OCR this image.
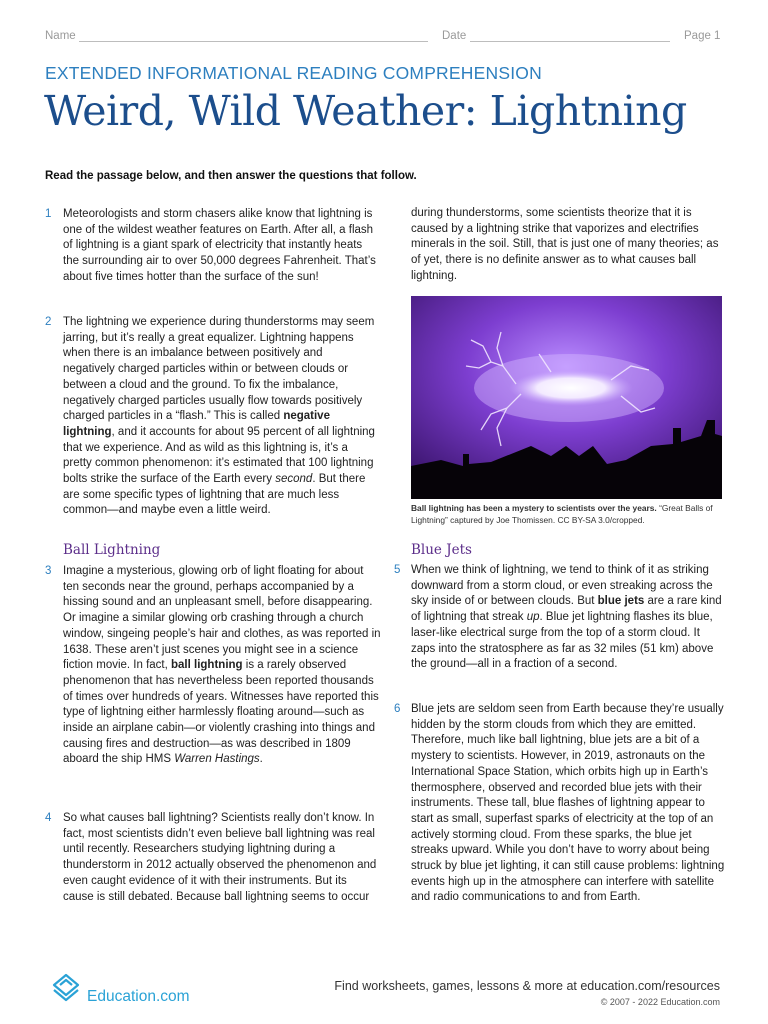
Name	Date	Page 1
EXTENDED INFORMATIONAL READING COMPREHENSION
Weird, Wild Weather: Lightning
Read the passage below, and then answer the questions that follow.
1 Meteorologists and storm chasers alike know that lightning is one of the wildest weather features on Earth. After all, a flash of lightning is a giant spark of electricity that instantly heats the surrounding air to over 50,000 degrees Fahrenheit. That’s about five times hotter than the surface of the sun!
2 The lightning we experience during thunderstorms may seem jarring, but it’s really a great equalizer. Lightning happens when there is an imbalance between positively and negatively charged particles within or between clouds or between a cloud and the ground. To fix the imbalance, negatively charged particles usually flow towards positively charged particles in a “flash.” This is called negative lightning, and it accounts for about 95 percent of all lightning that we experience. And as wild as this lightning is, it’s a pretty common phenomenon: it’s estimated that 100 lightning bolts strike the surface of the Earth every second. But there are some specific types of lightning that are much less common—and maybe even a little weird.
Ball Lightning
3 Imagine a mysterious, glowing orb of light floating for about ten seconds near the ground, perhaps accompanied by a hissing sound and an unpleasant smell, before disappearing. Or imagine a similar glowing orb crashing through a church window, singeing people’s hair and clothes, as was reported in 1638. These aren’t just scenes you might see in a science fiction movie. In fact, ball lightning is a rarely observed phenomenon that has nevertheless been reported thousands of times over hundreds of years. Witnesses have reported this type of lightning either harmlessly floating around—such as inside an airplane cabin—or violently crashing into things and causing fires and destruction—as was described in 1809 aboard the ship HMS Warren Hastings.
4 So what causes ball lightning? Scientists really don’t know. In fact, most scientists didn’t even believe ball lightning was real until recently. Researchers studying lightning during a thunderstorm in 2012 actually observed the phenomenon and even caught evidence of it with their instruments. But its cause is still debated. Because ball lightning seems to occur
during thunderstorms, some scientists theorize that it is caused by a lightning strike that vaporizes and electrifies minerals in the soil. Still, that is just one of many theories; as of yet, there is no definite answer as to what causes ball lightning.
Ball lightning has been a mystery to scientists over the years. “Great Balls of Lightning” captured by Joe Thomissen. CC BY-SA 3.0/cropped.
Blue Jets
5 When we think of lightning, we tend to think of it as striking downward from a storm cloud, or even streaking across the sky inside of or between clouds. But blue jets are a rare kind of lightning that streak up. Blue jet lightning flashes its blue, laser-like electrical surge from the top of a storm cloud. It zaps into the stratosphere as far as 32 miles (51 km) above the ground—all in a fraction of a second.
6 Blue jets are seldom seen from Earth because they’re usually hidden by the storm clouds from which they are emitted. Therefore, much like ball lightning, blue jets are a bit of a mystery to scientists. However, in 2019, astronauts on the International Space Station, which orbits high up in Earth’s thermosphere, observed and recorded blue jets with their instruments. These tall, blue flashes of lightning appear to start as small, superfast sparks of electricity at the top of an actively storming cloud. From these sparks, the blue jet streaks upward. While you don’t have to worry about being struck by blue jet lighting, it can still cause problems: lightning events high up in the atmosphere can interfere with satellite and radio communications to and from Earth.
Education.com
Find worksheets, games, lessons & more at education.com/resources
© 2007 - 2022 Education.com
